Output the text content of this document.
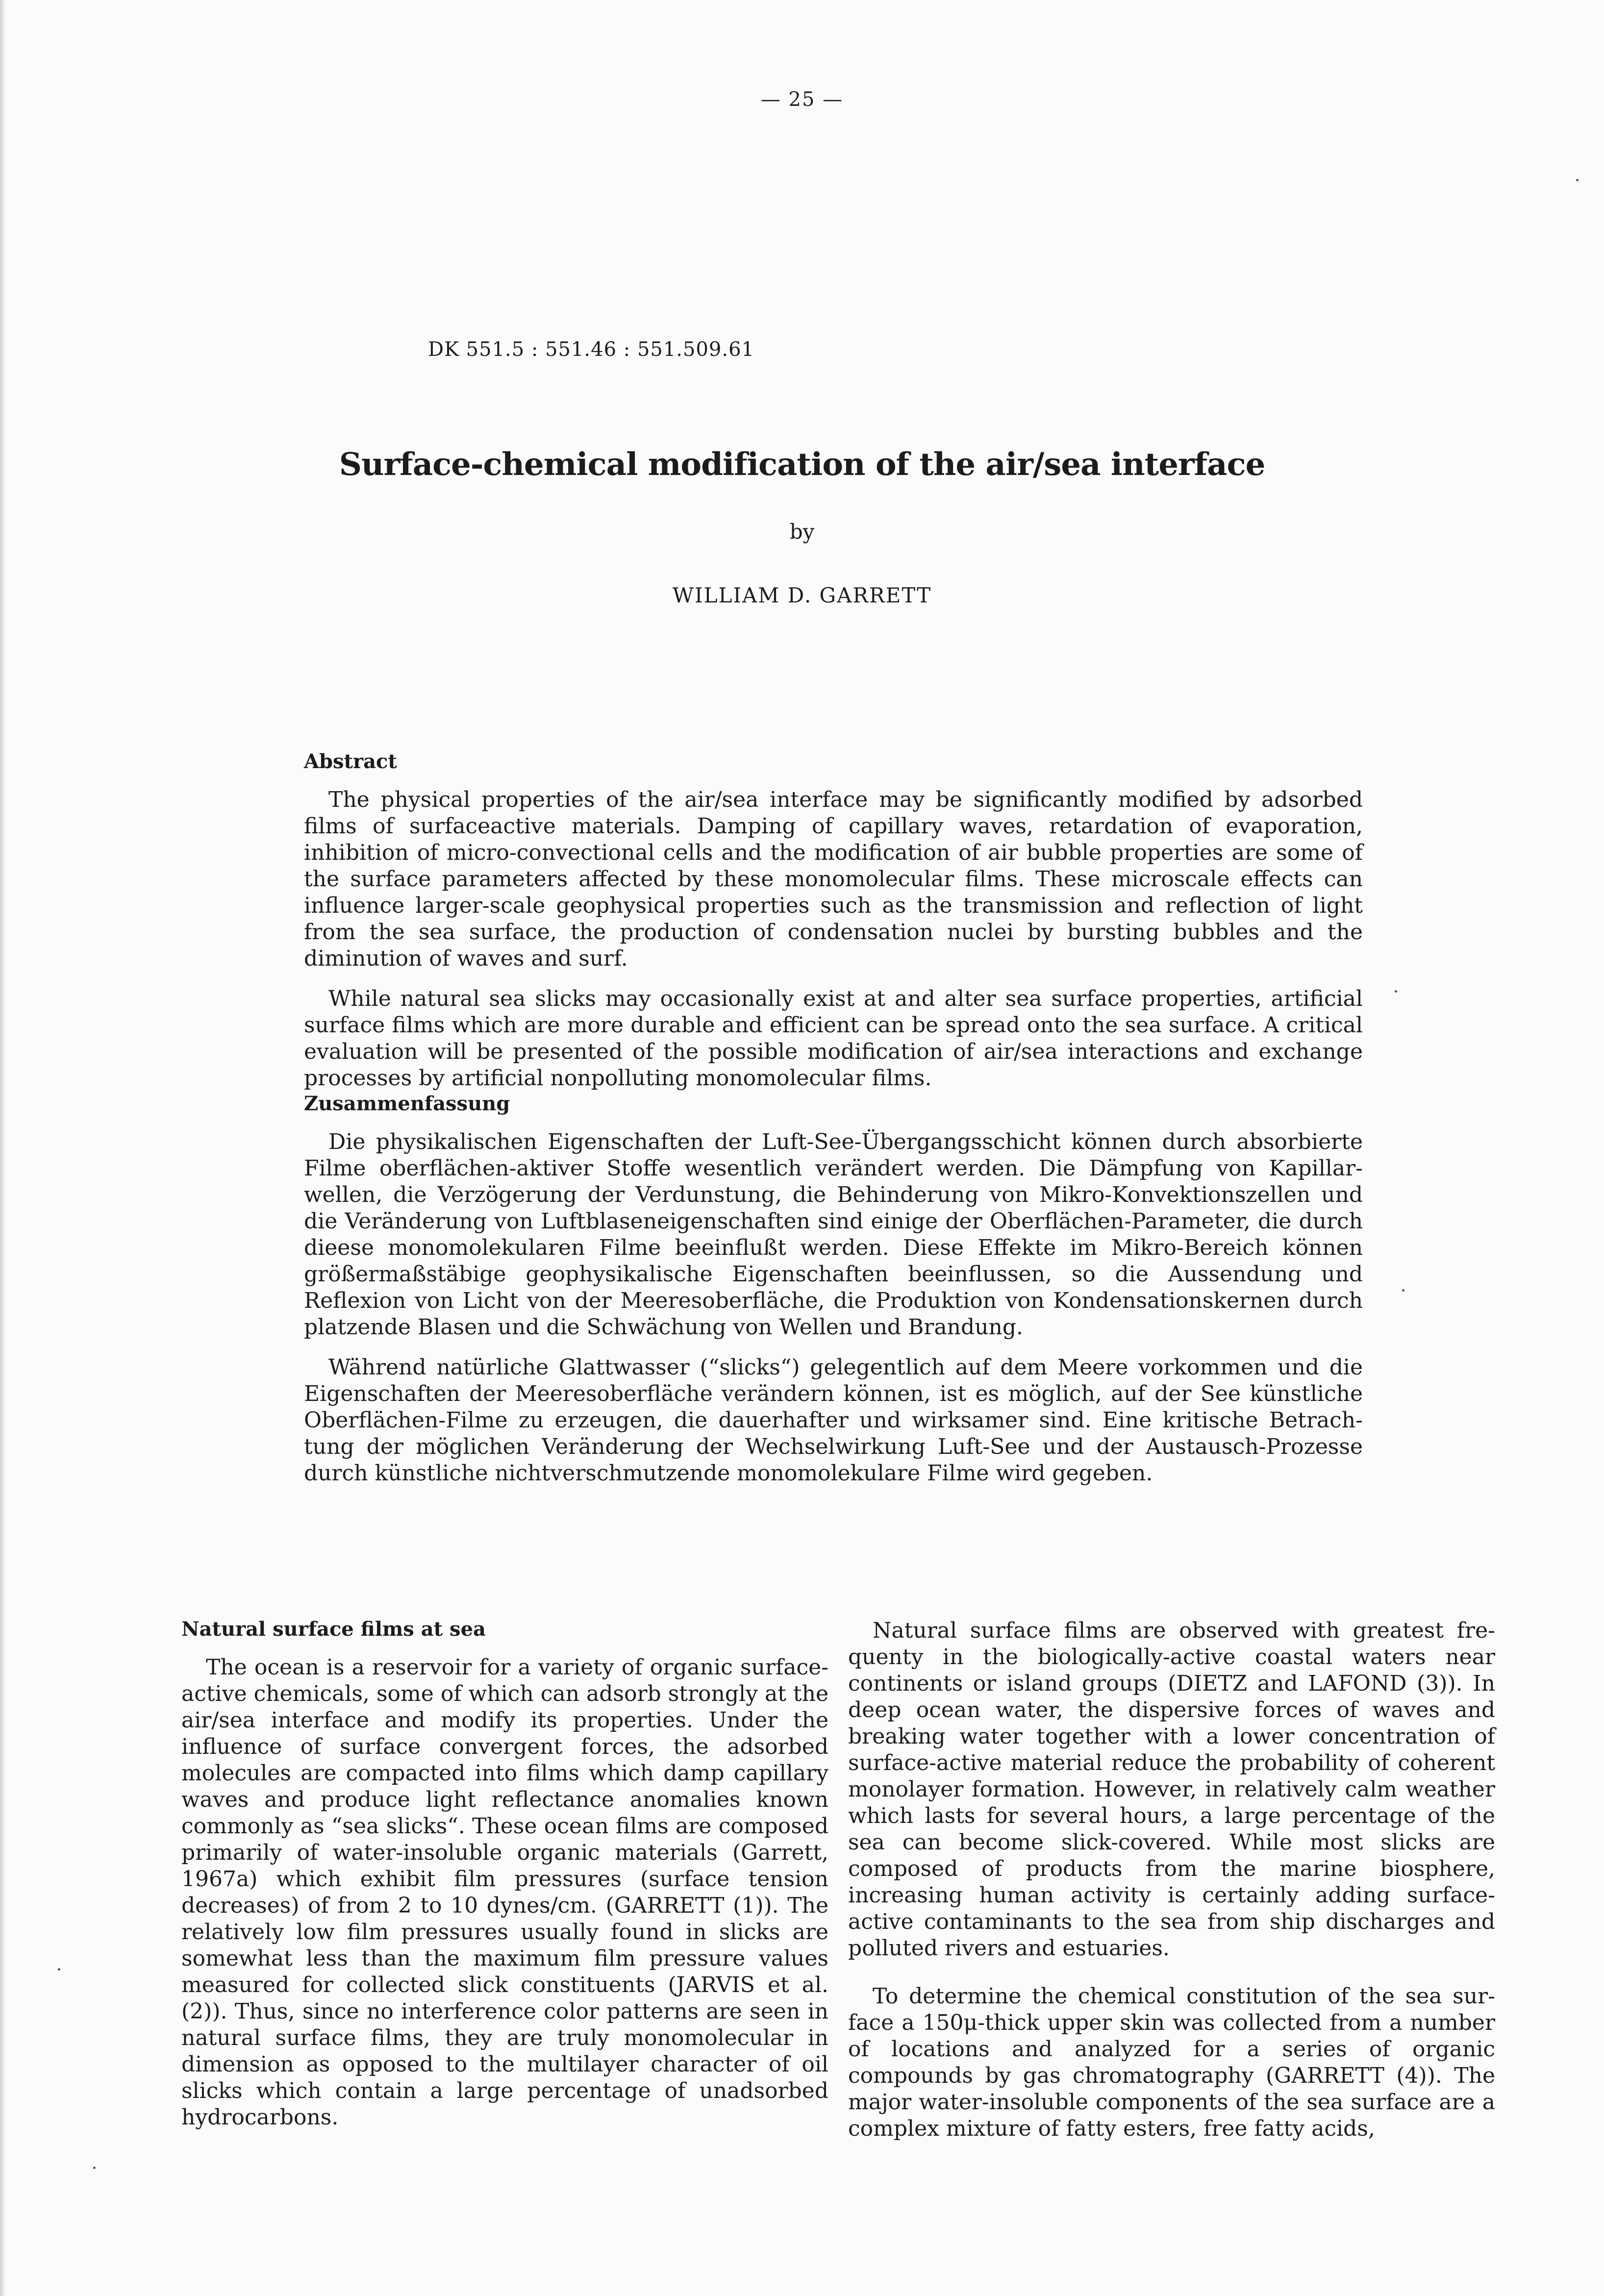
— 25 —
DK 551.5 : 551.46 : 551.509.61
Surface-chemical modification of the air/sea interface
by
WILLIAM D. GARRETT
Abstract

The physical properties of the air/sea interface may be significantly modified by adsorbed films of surfaceactive materials. Damping of capillary waves, retardation of evaporation, inhibition of micro-convectional cells and the modification of air bubble properties are some of the surface parameters affected by these monomolecular films. These microscale effects can influence larger-scale geophysical properties such as the transmission and reflection of light from the sea surface, the production of condensation nuclei by bursting bubbles and the diminution of waves and surf.

While natural sea slicks may occasionally exist at and alter sea surface properties, artificial surface films which are more durable and efficient can be spread onto the sea surface. A critical evaluation will be presented of the possible modification of air/sea interactions and exchange processes by artificial nonpolluting monomolecular films.

Zusammenfassung

Die physikalischen Eigenschaften der Luft-See-Übergangsschicht können durch absorbierte Filme oberflächen-aktiver Stoffe wesentlich verändert werden. Die Dämpfung von Kapillarwellen, die Verzögerung der Verdunstung, die Behinderung von Mikro-Konvektionszellen und die Veränderung von Luftblaseneigenschaften sind einige der Oberflächen-Parameter, die durch dieese monomolekularen Filme beeinflußt werden. Diese Effekte im Mikro-Bereich können größermaßstäbige geophysikalische Eigenschaften beeinflussen, so die Aussendung und Reflexion von Licht von der Meeresoberfläche, die Produktion von Kondensationskernen durch platzende Blasen und die Schwächung von Wellen und Brandung.

Während natürliche Glattwasser (“slicks“) gelegentlich auf dem Meere vorkommen und die Eigenschaften der Meeresoberfläche verändern können, ist es möglich, auf der See künstliche Oberflächen-Filme zu erzeugen, die dauerhafter und wirksamer sind. Eine kritische Betrachtung der möglichen Veränderung der Wechselwirkung Luft-See und der Austausch-Prozesse durch künstliche nichtverschmutzende monomolekulare Filme wird gegeben.

Natural surface films at sea

The ocean is a reservoir for a variety of organic surface-active chemicals, some of which can adsorb strongly at the air/sea interface and modify its properties. Under the influence of surface convergent forces, the adsorbed molecules are compacted into films which damp capillary waves and produce light reflectance anomalies known commonly as “sea slicks“. These ocean films are composed primarily of water-insoluble organic materials (Garrett, 1967a) which exhibit film pressures (surface tension decreases) of from 2 to 10 dynes/cm. (GARRETT (1)). The relatively low film pressures usually found in slicks are somewhat less than the maximum film pressure values measured for collected slick constituents (JARVIS et al. (2)). Thus, since no interference color patterns are seen in natural surface films, they are truly monomolecular in dimension as opposed to the multilayer character of oil slicks which contain a large percentage of unadsorbed hydrocarbons.

Natural surface films are observed with greatest frequenty in the biologically-active coastal waters near continents or island groups (DIETZ and LAFOND (3)). In deep ocean water, the dispersive forces of waves and breaking water together with a lower concentration of surface-active material reduce the probability of coherent monolayer formation. However, in relatively calm weather which lasts for several hours, a large percentage of the sea can become slick-covered. While most slicks are composed of products from the marine biosphere, increasing human activity is certainly adding surface-active contaminants to the sea from ship discharges and polluted rivers and estuaries.

To determine the chemical constitution of the sea surface a 150μ-thick upper skin was collected from a number of locations and analyzed for a series of organic compounds by gas chromatography (GARRETT (4)). The major water-insoluble components of the sea surface are a complex mixture of fatty esters, free fatty acids,
